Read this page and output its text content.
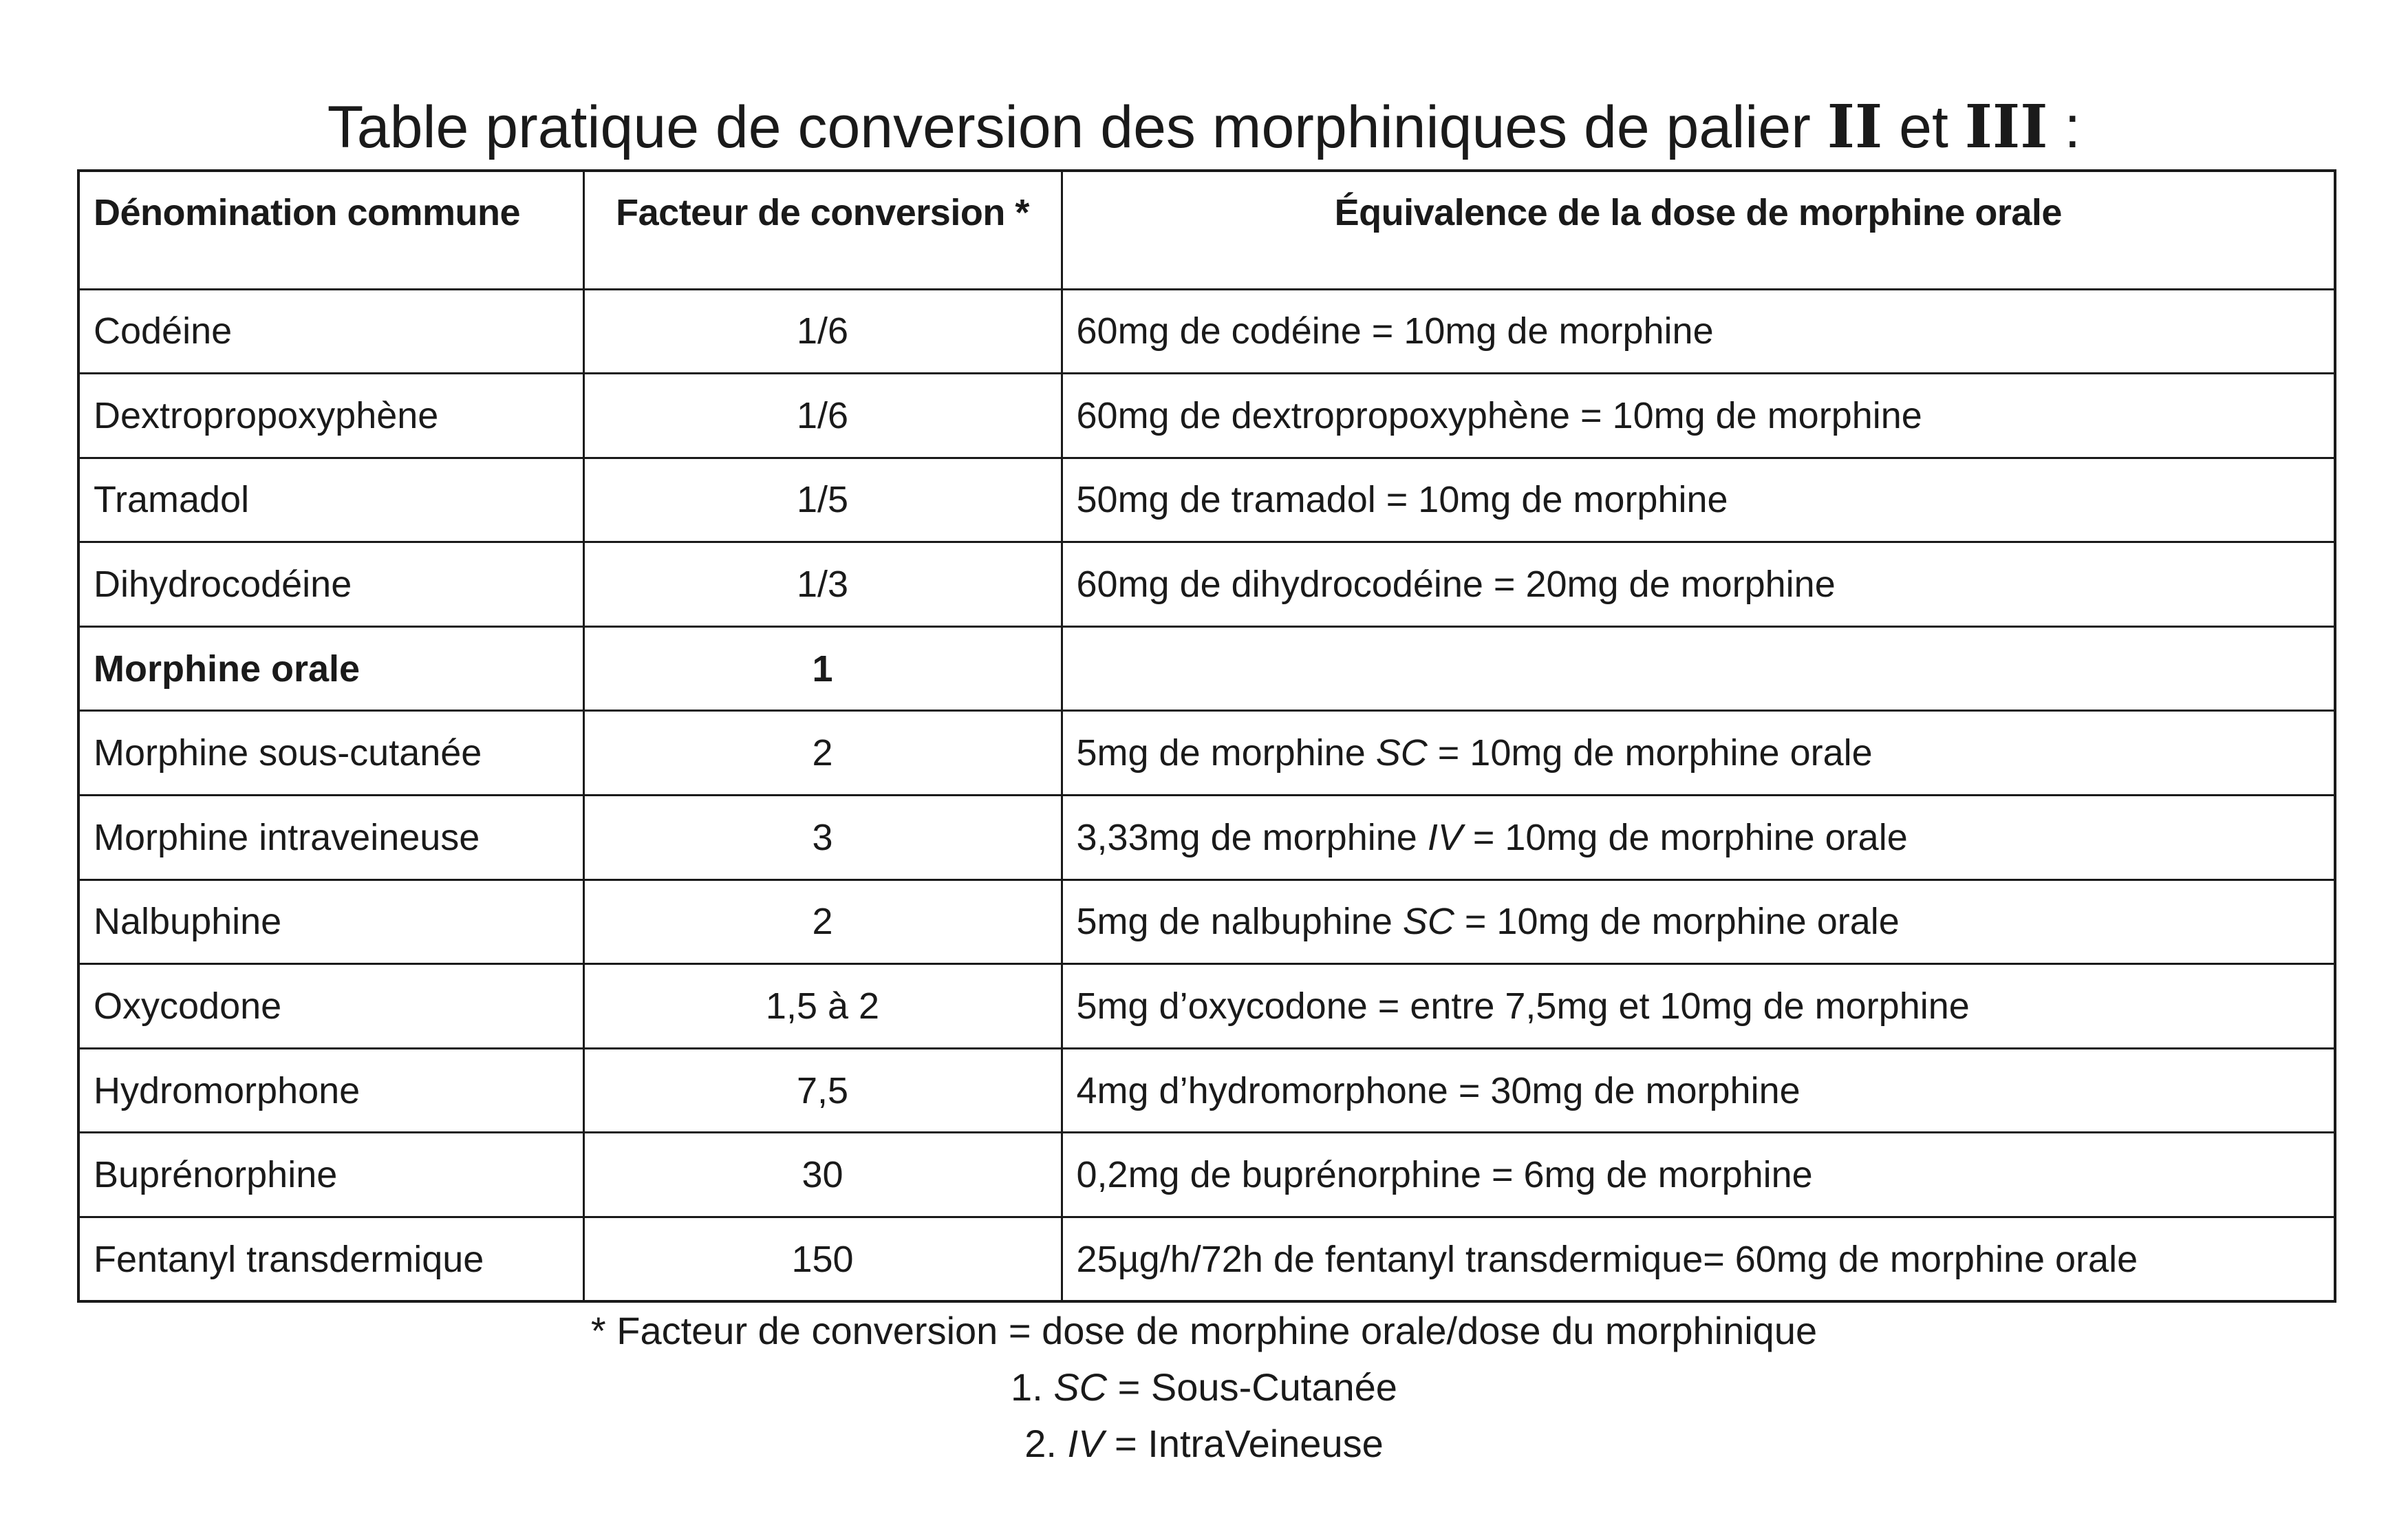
Table pratique de conversion des morphiniques de palier II et III :
Dénomination commune	Facteur de conversion *	Équivalence de la dose de morphine orale
Codéine	1/6	60mg de codéine = 10mg de morphine
Dextropropoxyphène	1/6	60mg de dextropropoxyphène = 10mg de morphine
Tramadol	1/5	50mg de tramadol = 10mg de morphine
Dihydrocodéine	1/3	60mg de dihydrocodéine = 20mg de morphine
Morphine orale	1	
Morphine sous-cutanée	2	5mg de morphine SC = 10mg de morphine orale
Morphine intraveineuse	3	3,33mg de morphine IV = 10mg de morphine orale
Nalbuphine	2	5mg de nalbuphine SC = 10mg de morphine orale
Oxycodone	1,5 à 2	5mg d’oxycodone = entre 7,5mg et 10mg de morphine
Hydromorphone	7,5	4mg d’hydromorphone = 30mg de morphine
Buprénorphine	30	0,2mg de buprénorphine = 6mg de morphine
Fentanyl transdermique	150	25µg/h/72h de fentanyl transdermique= 60mg de morphine orale
* Facteur de conversion = dose de morphine orale/dose du morphinique
1. SC = Sous-Cutanée
2. IV = IntraVeineuse
